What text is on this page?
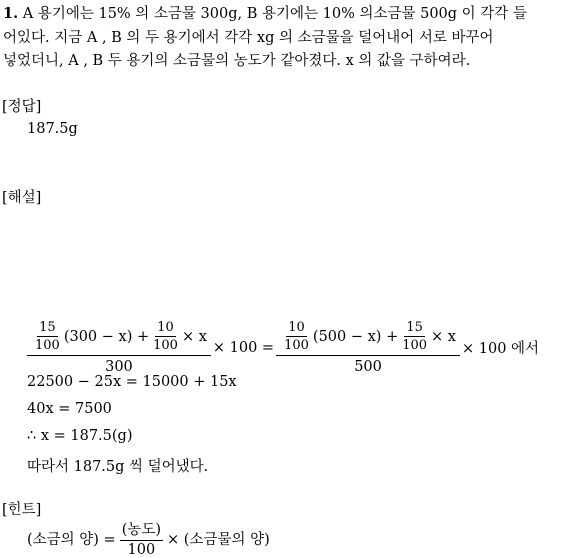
1. A 용기에는 15% 의 소금물 300g, B 용기에는 10% 의소금물 500g 이 각각 들
어있다. 지금 A , B 의 두 용기에서 각각 xg 의 소금물을 덜어내어 서로 바꾸어
넣었더니, A , B 두 용기의 소금물의 농도가 같아졌다. x 의 값을 구하여라.
[정답]
187.5g
[해설]
$\frac{\frac{15}{100} (300 - x) + \frac{10}{100} \times x}{300} \times 100 = \frac{\frac{10}{100} (500 - x) + \frac{15}{100} \times x}{500} \times 100$ 에서
22500 − 25x = 15000 + 15x
40x = 7500
∴ x = 187.5(g)
따라서 187.5g 씩 덜어냈다.
[힌트]
(소금의 양) = $\frac{\text{(농도)}}{100}$ × (소금물의 양)
